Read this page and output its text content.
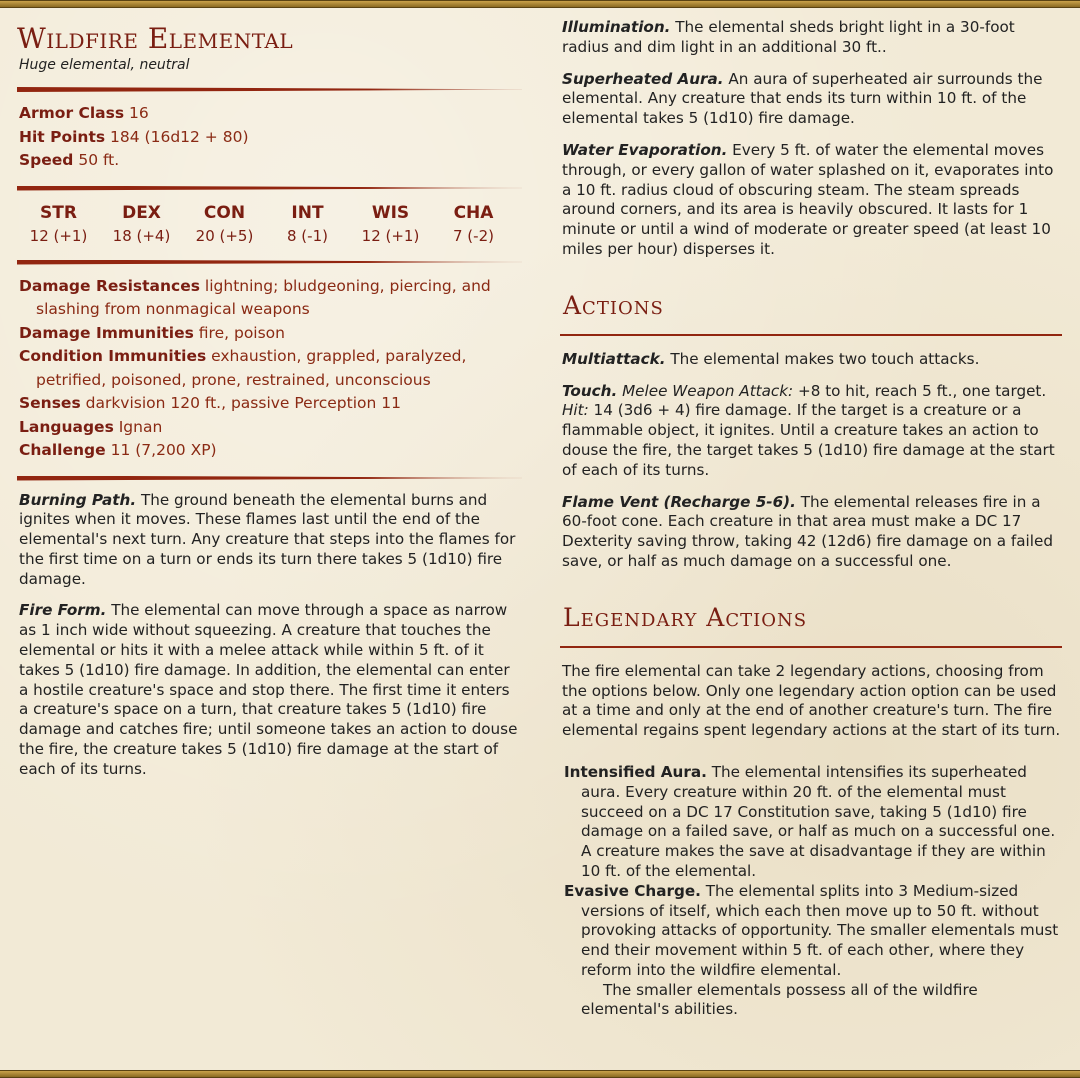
Wildfire Elemental
Huge elemental, neutral
Armor Class 16
Hit Points 184 (16d12 + 80)
Speed 50 ft.
STR
12 (+1)
DEX
18 (+4)
CON
20 (+5)
INT
8 (-1)
WIS
12 (+1)
CHA
7 (-2)
Damage Resistances lightning; bludgeoning, piercing, and slashing from nonmagical weapons
Damage Immunities fire, poison
Condition Immunities exhaustion, grappled, paralyzed, petrified, poisoned, prone, restrained, unconscious
Senses darkvision 120 ft., passive Perception 11
Languages Ignan
Challenge 11 (7,200 XP)

Burning Path. The ground beneath the elemental burns and ignites when it moves. These flames last until the end of the elemental's next turn. Any creature that steps into the flames for the first time on a turn or ends its turn there takes 5 (1d10) fire damage.

Fire Form. The elemental can move through a space as narrow as 1 inch wide without squeezing. A creature that touches the elemental or hits it with a melee attack while within 5 ft. of it takes 5 (1d10) fire damage. In addition, the elemental can enter a hostile creature's space and stop there. The first time it enters a creature's space on a turn, that creature takes 5 (1d10) fire damage and catches fire; until someone takes an action to douse the fire, the creature takes 5 (1d10) fire damage at the start of each of its turns.

Illumination. The elemental sheds bright light in a 30-foot radius and dim light in an additional 30 ft..

Superheated Aura. An aura of superheated air surrounds the elemental. Any creature that ends its turn within 10 ft. of the elemental takes 5 (1d10) fire damage.

Water Evaporation. Every 5 ft. of water the elemental moves through, or every gallon of water splashed on it, evaporates into a 10 ft. radius cloud of obscuring steam. The steam spreads around corners, and its area is heavily obscured. It lasts for 1 minute or until a wind of moderate or greater speed (at least 10 miles per hour) disperses it.

Actions

Multiattack. The elemental makes two touch attacks.

Touch. Melee Weapon Attack: +8 to hit, reach 5 ft., one target. Hit: 14 (3d6 + 4) fire damage. If the target is a creature or a flammable object, it ignites. Until a creature takes an action to douse the fire, the target takes 5 (1d10) fire damage at the start of each of its turns.

Flame Vent (Recharge 5-6). The elemental releases fire in a 60-foot cone. Each creature in that area must make a DC 17 Dexterity saving throw, taking 42 (12d6) fire damage on a failed save, or half as much damage on a successful one.

Legendary Actions

The fire elemental can take 2 legendary actions, choosing from the options below. Only one legendary action option can be used at a time and only at the end of another creature's turn. The fire elemental regains spent legendary actions at the start of its turn.

Intensified Aura. The elemental intensifies its superheated aura. Every creature within 20 ft. of the elemental must succeed on a DC 17 Constitution save, taking 5 (1d10) fire damage on a failed save, or half as much on a successful one. A creature makes the save at disadvantage if they are within 10 ft. of the elemental.
Evasive Charge. The elemental splits into 3 Medium-sized versions of itself, which each then move up to 50 ft. without provoking attacks of opportunity. The smaller elementals must end their movement within 5 ft. of each other, where they reform into the wildfire elemental.
The smaller elementals possess all of the wildfire elemental's abilities.
